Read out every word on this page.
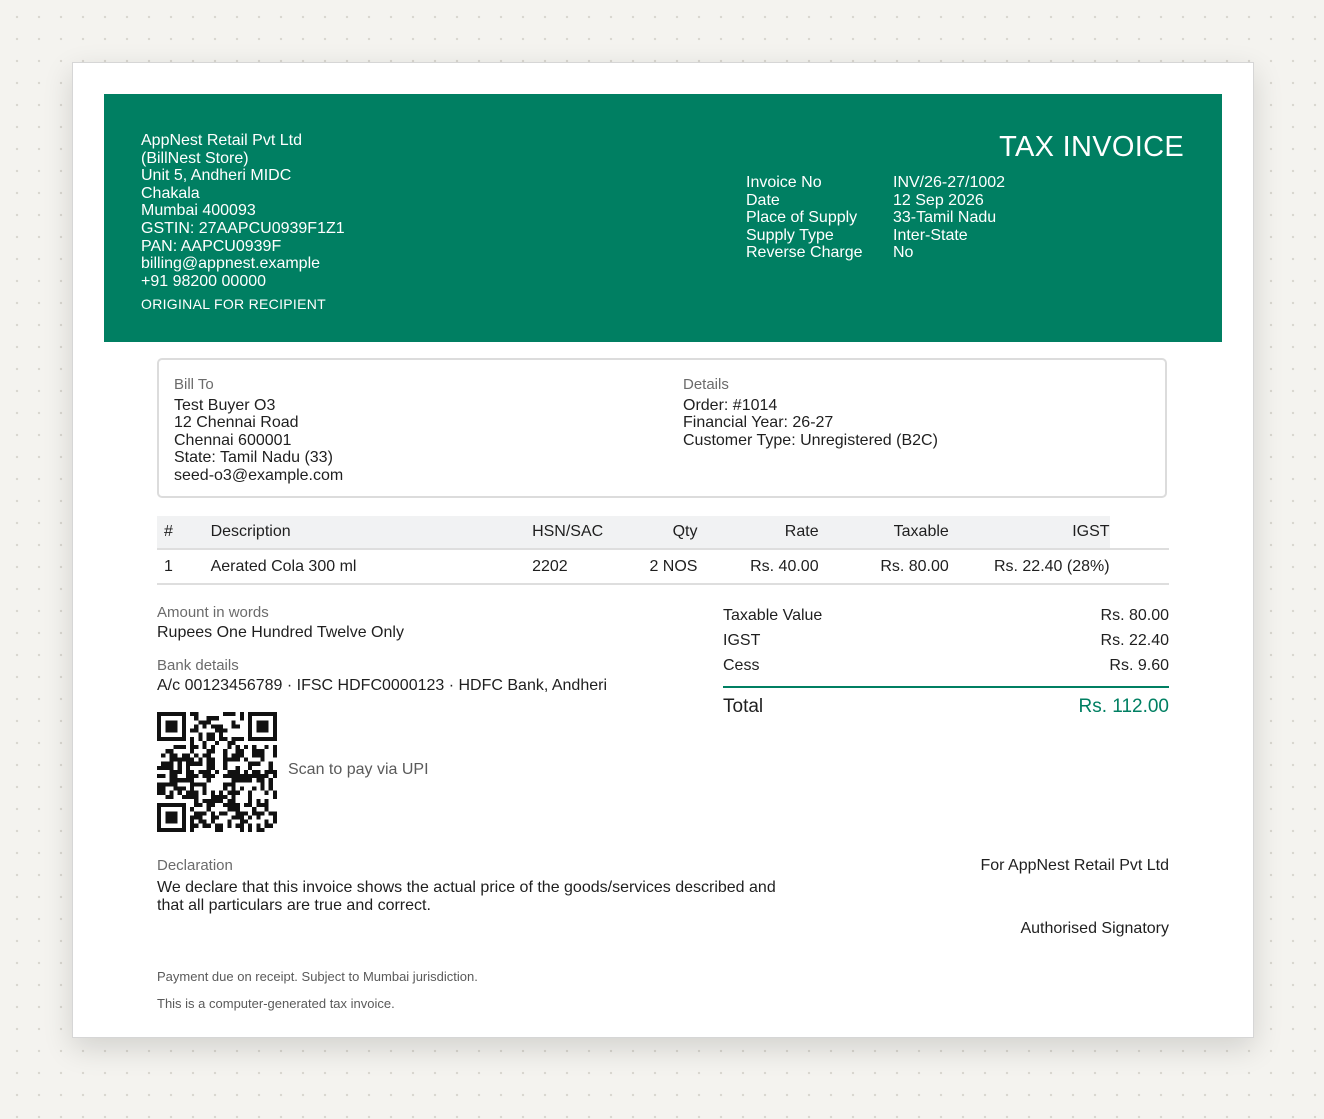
AppNest Retail Pvt Ltd
(BillNest Store)
Unit 5, Andheri MIDC
Chakala
Mumbai 400093
GSTIN: 27AAPCU0939F1Z1
PAN: AAPCU0939F
billing@appnest.example
+91 98200 00000
ORIGINAL FOR RECIPIENT
TAX INVOICE
Invoice No	INV/26-27/1002
Date	12 Sep 2026
Place of Supply	33-Tamil Nadu
Supply Type	Inter-State
Reverse Charge	No
Bill To
Test Buyer O3
12 Chennai Road
Chennai 600001
State: Tamil Nadu (33)
seed-o3@example.com
Details
Order: #1014
Financial Year: 26-27
Customer Type: Unregistered (B2C)
#	Description	HSN/SAC	Qty	Rate	Taxable	IGST	
1	Aerated Cola 300 ml	2202	2 NOS	Rs. 40.00	Rs. 80.00	Rs. 22.40 (28%)	
Amount in words
Rupees One Hundred Twelve Only
Bank details
A/c 00123456789 · IFSC HDFC0000123 · HDFC Bank, Andheri
Scan to pay via UPI
Taxable Value	Rs. 80.00
IGST	Rs. 22.40
Cess	Rs. 9.60
Total	Rs. 112.00
Declaration
We declare that this invoice shows the actual price of the goods/services described and that all particulars are true and correct.
For AppNest Retail Pvt Ltd
Authorised Signatory
Payment due on receipt. Subject to Mumbai jurisdiction.
This is a computer-generated tax invoice.
